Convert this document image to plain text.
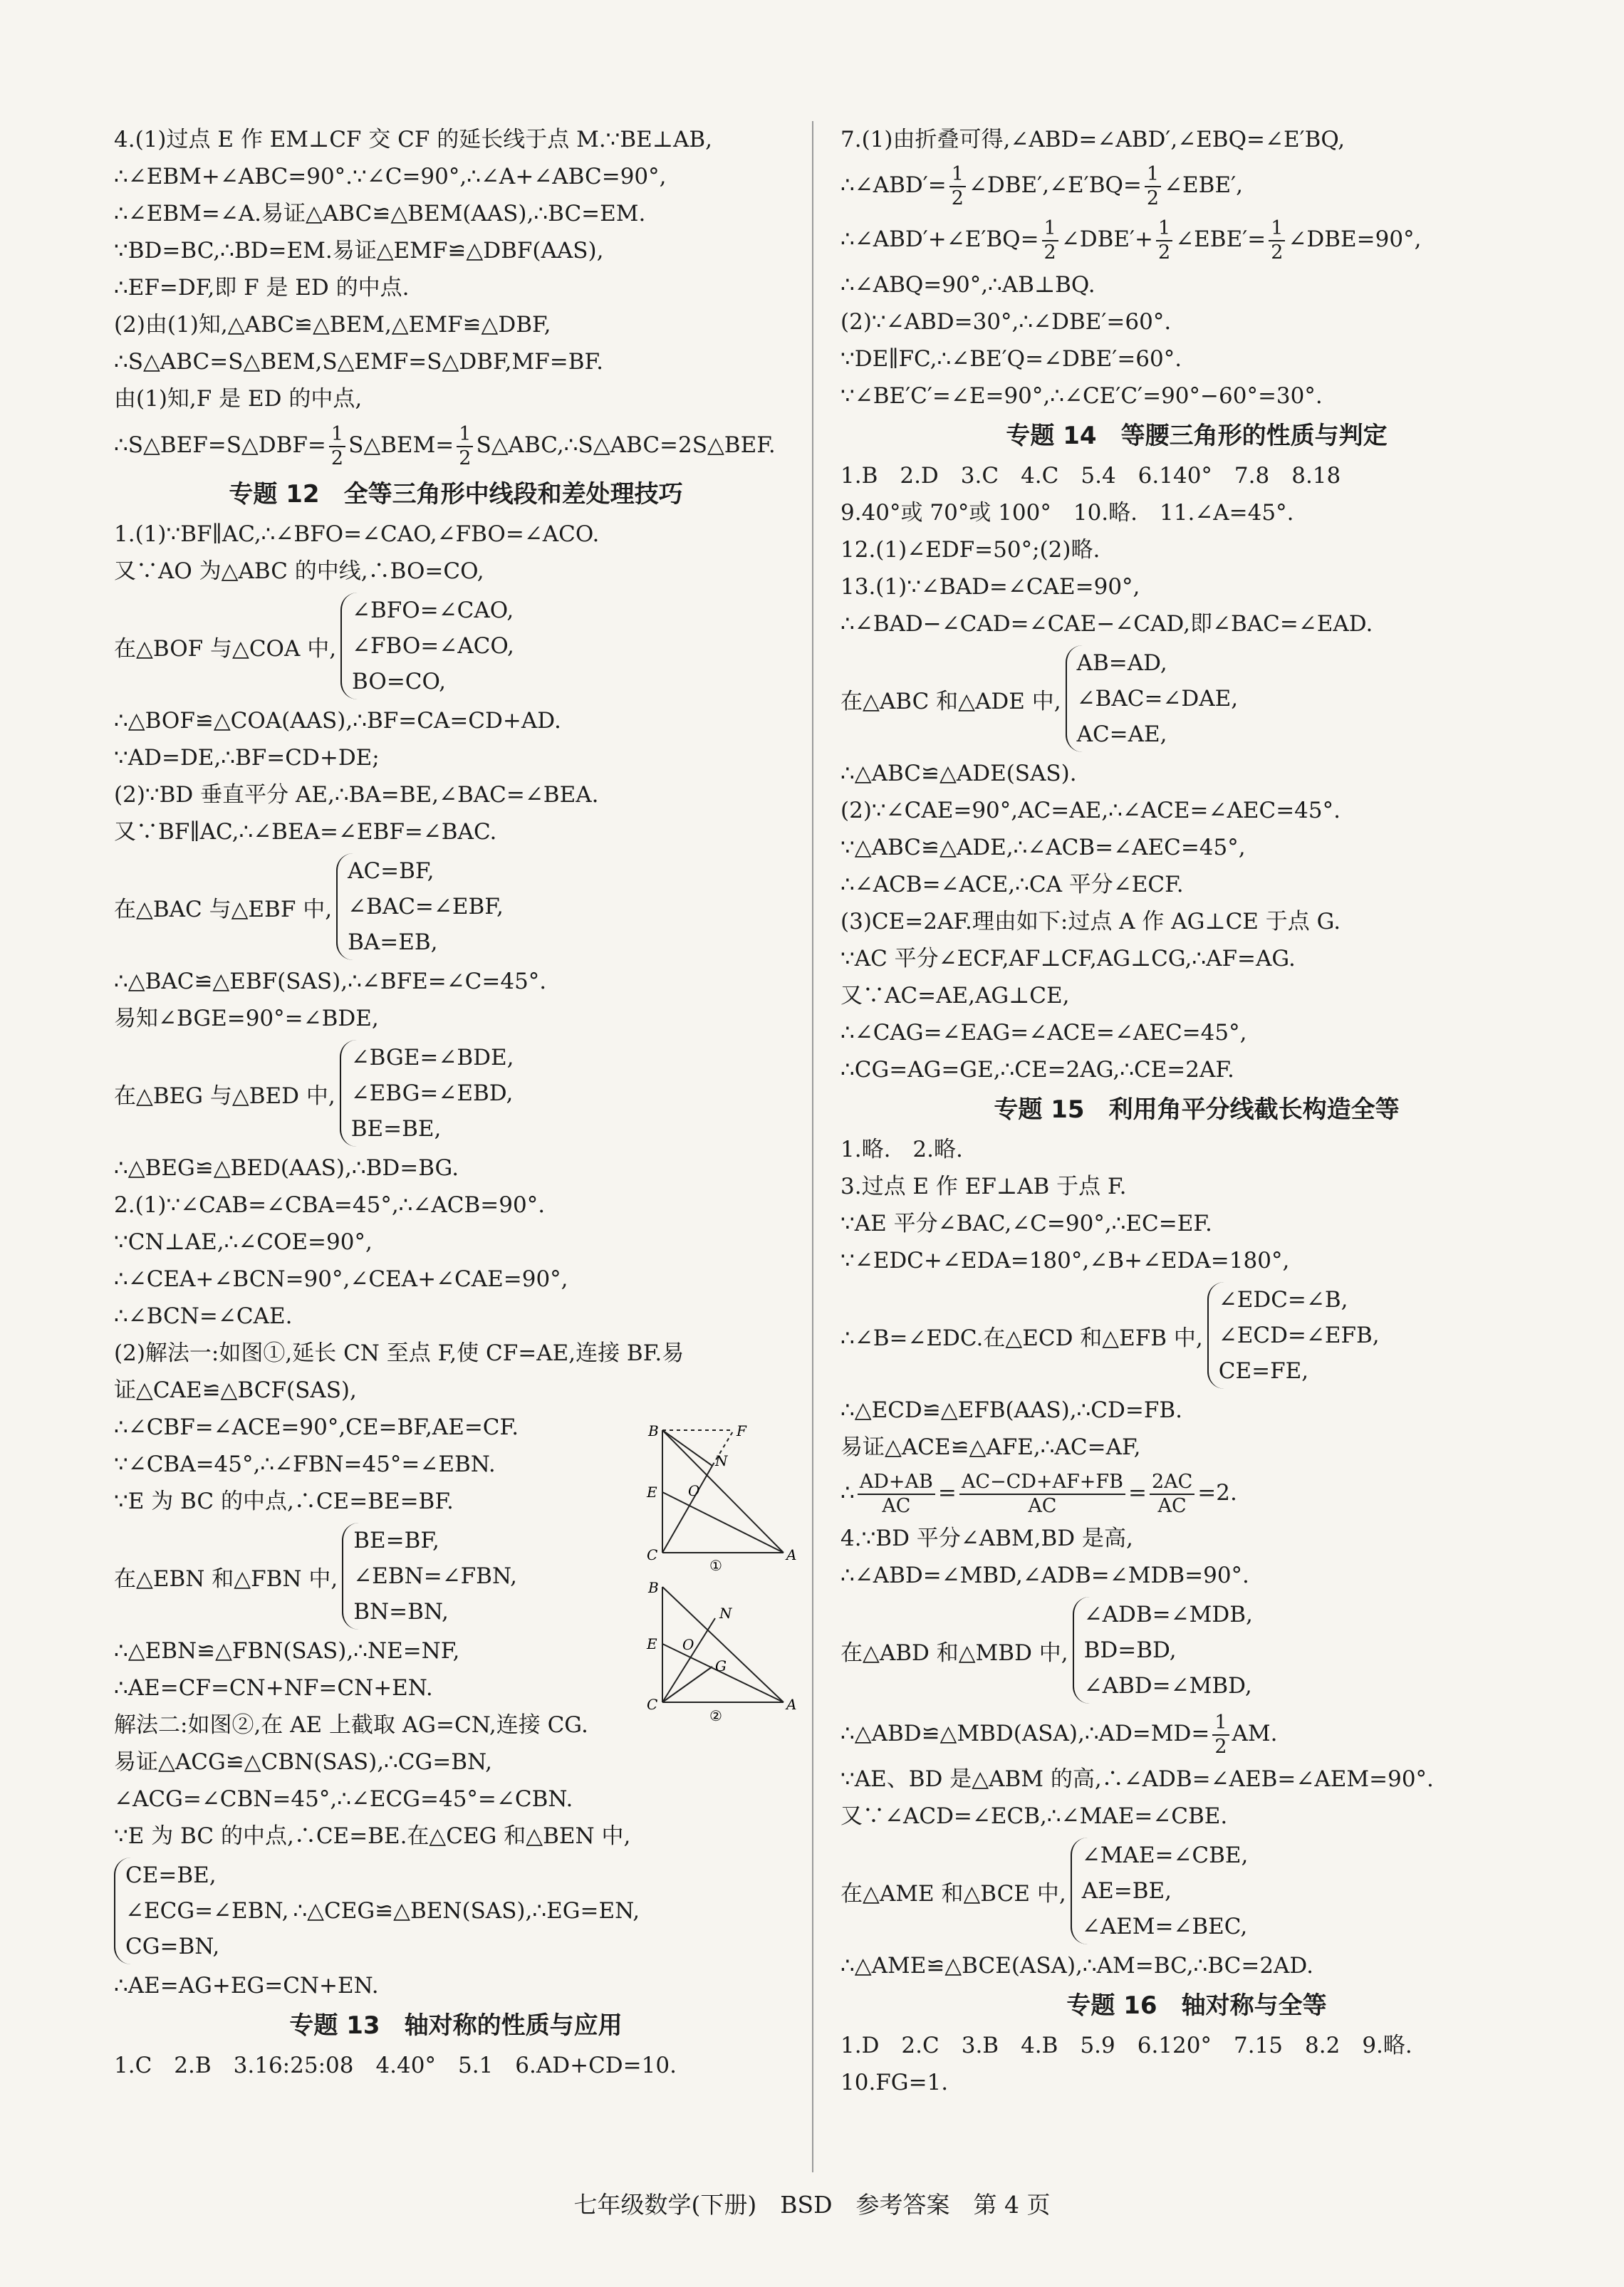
4.(1)过点 E 作 EM⊥CF 交 CF 的延长线于点 M.∵BE⊥AB,
∴∠EBM+∠ABC=90°.∵∠C=90°,∴∠A+∠ABC=90°,
∴∠EBM=∠A.易证△ABC≌△BEM(AAS),∴BC=EM.
∵BD=BC,∴BD=EM.易证△EMF≌△DBF(AAS),
∴EF=DF,即 F 是 ED 的中点.
(2)由(1)知,△ABC≌△BEM,△EMF≌△DBF,
∴S△ABC=S△BEM,S△EMF=S△DBF,MF=BF.
由(1)知,F 是 ED 的中点,
∴S△BEF=S△DBF= $\frac{1}{2}$ S△BEM= $\frac{1}{2}$ S△ABC,∴S△ABC=2S△BEF.
专题 12　全等三角形中线段和差处理技巧
1.(1)∵BF∥AC,∴∠BFO=∠CAO,∠FBO=∠ACO.
又∵AO 为△ABC 的中线,∴BO=CO,
在△BOF 与△COA 中,
∠BFO=∠CAO,
∠FBO=∠ACO,
BO=CO,
∴△BOF≌△COA(AAS),∴BF=CA=CD+AD.
∵AD=DE,∴BF=CD+DE;
(2)∵BD 垂直平分 AE,∴BA=BE,∠BAC=∠BEA.
又∵BF∥AC,∴∠BEA=∠EBF=∠BAC.
在△BAC 与△EBF 中,
AC=BF,
∠BAC=∠EBF,
BA=EB,
∴△BAC≌△EBF(SAS),∴∠BFE=∠C=45°.
易知∠BGE=90°=∠BDE,
在△BEG 与△BED 中,
∠BGE=∠BDE,
∠EBG=∠EBD,
BE=BE,
∴△BEG≌△BED(AAS),∴BD=BG.
2.(1)∵∠CAB=∠CBA=45°,∴∠ACB=90°.
∵CN⊥AE,∴∠COE=90°,
∴∠CEA+∠BCN=90°,∠CEA+∠CAE=90°,
∴∠BCN=∠CAE.
(2)解法一:如图①,延长 CN 至点 F,使 CF=AE,连接 BF.易
证△CAE≌△BCF(SAS),
∴∠CBF=∠ACE=90°,CE=BF,AE=CF.
∵∠CBA=45°,∴∠FBN=45°=∠EBN.
∵E 为 BC 的中点,∴CE=BE=BF.
在△EBN 和△FBN 中,
BE=BF,
∠EBN=∠FBN,
BN=BN,
∴△EBN≌△FBN(SAS),∴NE=NF,
∴AE=CF=CN+NF=CN+EN.
解法二:如图②,在 AE 上截取 AG=CN,连接 CG.
易证△ACG≌△CBN(SAS),∴CG=BN,
∠ACG=∠CBN=45°,∴∠ECG=45°=∠CBN.
∵E 为 BC 的中点,∴CE=BE.在△CEG 和△BEN 中,
CE=BE,
∠ECG=∠EBN,
CG=BN,
∴△CEG≌△BEN(SAS),∴EG=EN,
∴AE=AG+EG=CN+EN.
专题 13　轴对称的性质与应用
1.C　2.B　3.16:25:08　4.40°　5.1　6.AD+CD=10.
B	F
E
N
O
C	A
①
B
N
E O
G
C	A
②
7.(1)由折叠可得,∠ABD=∠ABD′,∠EBQ=∠E′BQ,
∴∠ABD′= $\frac{1}{2}$ ∠DBE′,∠E′BQ= $\frac{1}{2}$ ∠EBE′,
∴∠ABD′+∠E′BQ= $\frac{1}{2}$ ∠DBE′+ $\frac{1}{2}$ ∠EBE′= $\frac{1}{2}$ ∠DBE=90°,
∴∠ABQ=90°,∴AB⊥BQ.
(2)∵∠ABD=30°,∴∠DBE′=60°.
∵DE∥FC,∴∠BE′Q=∠DBE′=60°.
∵∠BE′C′=∠E=90°,∴∠CE′C′=90°−60°=30°.
专题 14　等腰三角形的性质与判定
1.B　2.D　3.C　4.C　5.4　6.140°　7.8　8.18
9.40°或 70°或 100°　10.略.　11.∠A=45°.
12.(1)∠EDF=50°;(2)略.
13.(1)∵∠BAD=∠CAE=90°,
∴∠BAD−∠CAD=∠CAE−∠CAD,即∠BAC=∠EAD.
在△ABC 和△ADE 中,
AB=AD,
∠BAC=∠DAE,
AC=AE,
∴△ABC≌△ADE(SAS).
(2)∵∠CAE=90°,AC=AE,∴∠ACE=∠AEC=45°.
∵△ABC≌△ADE,∴∠ACB=∠AEC=45°,
∴∠ACB=∠ACE,∴CA 平分∠ECF.
(3)CE=2AF.理由如下:过点 A 作 AG⊥CE 于点 G.
∵AC 平分∠ECF,AF⊥CF,AG⊥CG,∴AF=AG.
又∵AC=AE,AG⊥CE,
∴∠CAG=∠EAG=∠ACE=∠AEC=45°,
∴CG=AG=GE,∴CE=2AG,∴CE=2AF.
专题 15　利用角平分线截长构造全等
1.略.　2.略.
3.过点 E 作 EF⊥AB 于点 F.
∵AE 平分∠BAC,∠C=90°,∴EC=EF.
∵∠EDC+∠EDA=180°,∠B+∠EDA=180°,
∴∠B=∠EDC.在△ECD 和△EFB 中,
∠EDC=∠B,
∠ECD=∠EFB,
CE=FE,
∴△ECD≌△EFB(AAS),∴CD=FB.
易证△ACE≌△AFE,∴AC=AF,
∴ $\frac{AD+AB}{AC} = \frac{AC-CD+AF+FB}{AC} = \frac{2AC}{AC} =2$.
4.∵BD 平分∠ABM,BD 是高,
∴∠ABD=∠MBD,∠ADB=∠MDB=90°.
在△ABD 和△MBD 中,
∠ADB=∠MDB,
BD=BD,
∠ABD=∠MBD,
∴△ABD≌△MBD(ASA),∴AD=MD= $\frac{1}{2}$ AM.
∵AE、BD 是△ABM 的高,∴∠ADB=∠AEB=∠AEM=90°.
又∵∠ACD=∠ECB,∴∠MAE=∠CBE.
在△AME 和△BCE 中,
∠MAE=∠CBE,
AE=BE,
∠AEM=∠BEC,
∴△AME≌△BCE(ASA),∴AM=BC,∴BC=2AD.
专题 16　轴对称与全等
1.D　2.C　3.B　4.B　5.9　6.120°　7.15　8.2　9.略.
10.FG=1.
七年级数学(下册)　BSD　参考答案　第 4 页
